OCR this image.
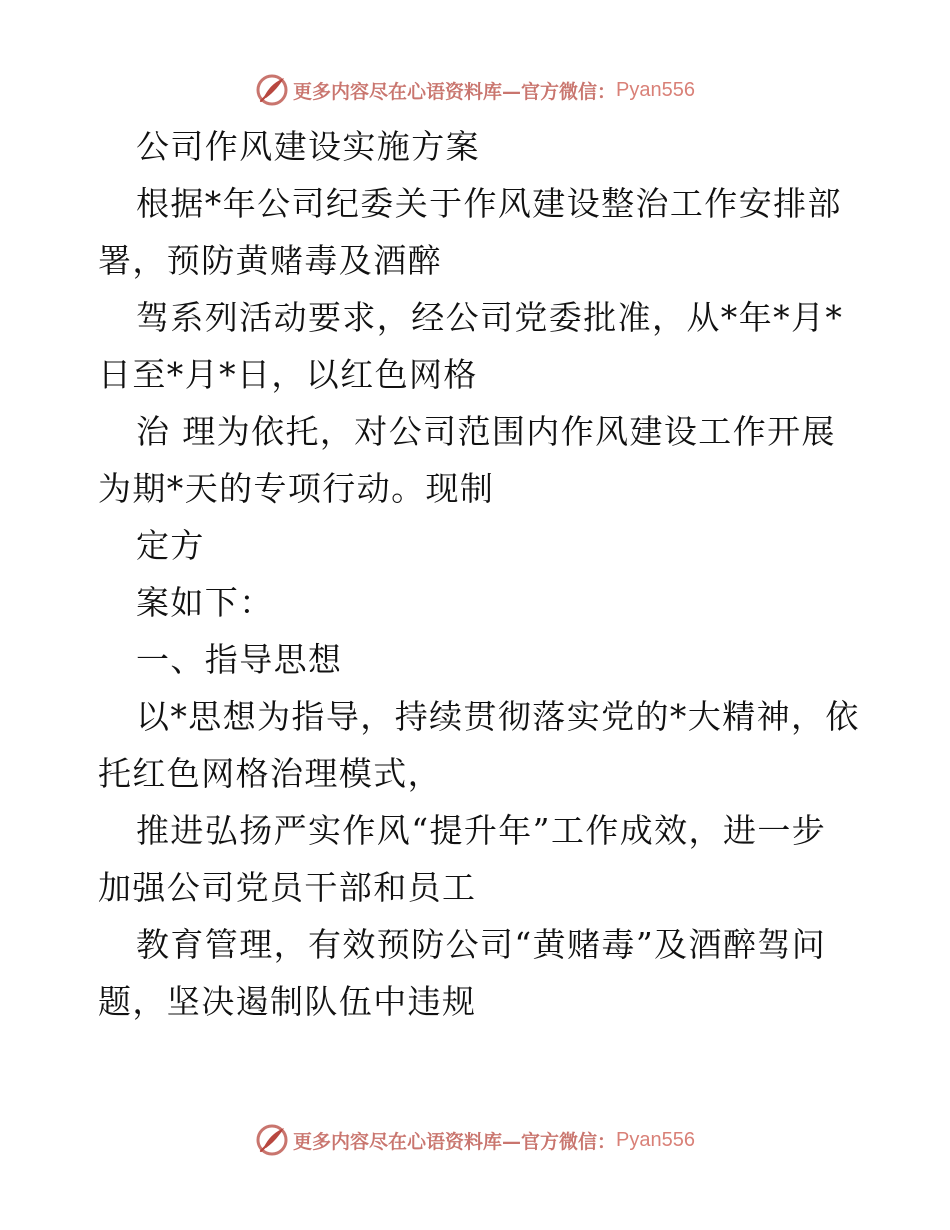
更多内容尽在心语资料库—官方微信： Pyan556
公司作风建设实施方案
根据*年公司纪委关于作风建设整治工作安排部
署，预防黄赌毒及酒醉
驾系列活动要求，经公司党委批准，从*年*月*
日至*月*日，以红色网格
治 理为依托，对公司范围内作风建设工作开展
为期*天的专项行动。现制
定方
案如下：
一、指导思想
以*思想为指导，持续贯彻落实党的*大精神，依
托红色网格治理模式，
推进弘扬严实作风“提升年”工作成效，进一步
加强公司党员干部和员工
教育管理，有效预防公司“黄赌毒”及酒醉驾问
题，坚决遏制队伍中违规
更多内容尽在心语资料库—官方微信： Pyan556
